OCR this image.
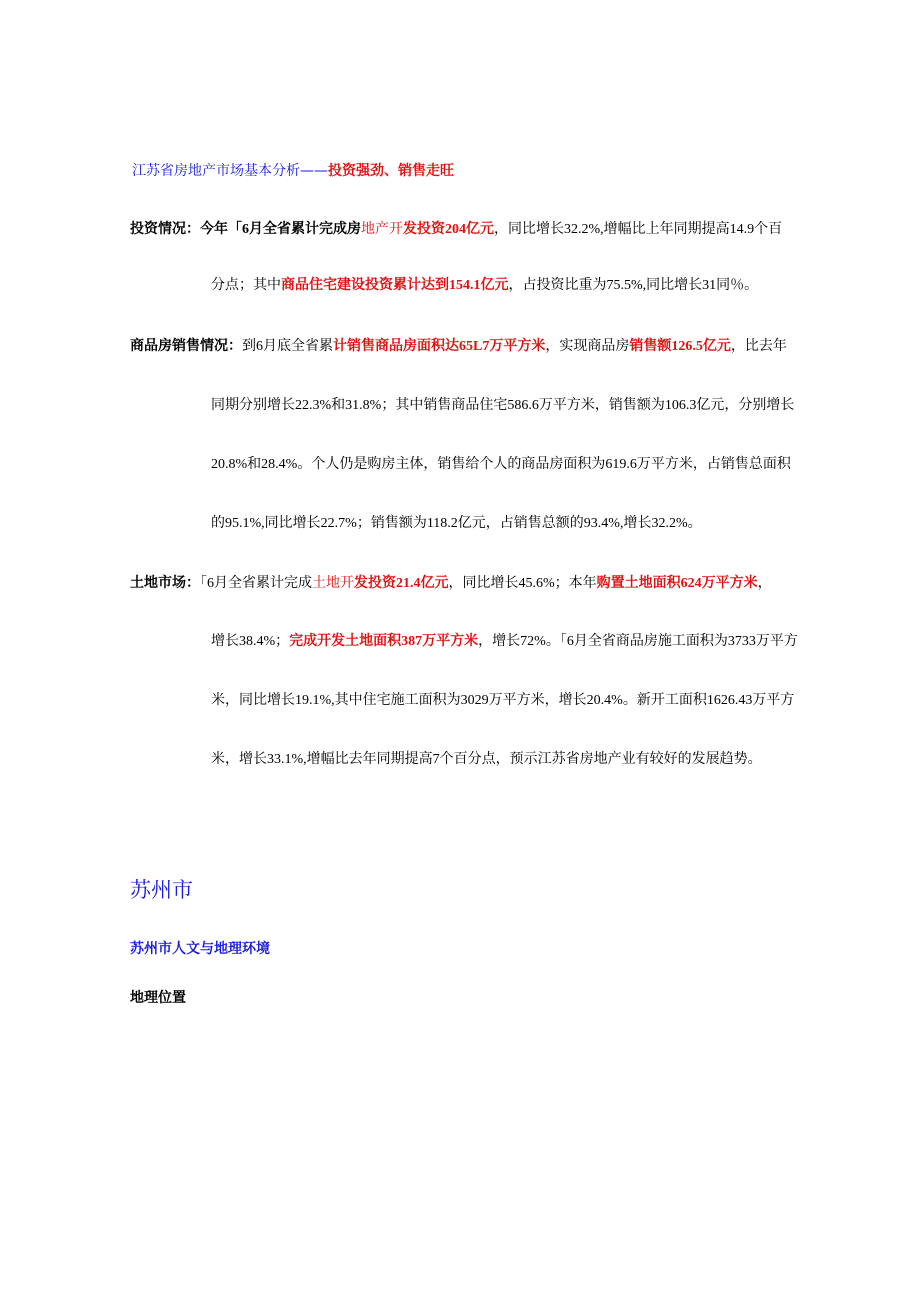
江苏省房地产市场基本分析——投资强劲、销售走旺
投资情况：今年「6月全省累计完成房地产开发投资204亿元，同比增长32.2%,增幅比上年同期提高14.9个百
分点；其中商品住宅建设投资累计达到154.1亿元，占投资比重为75.5%,同比增长31同％。
商品房销售情况：到6月底全省累计销售商品房面积达65L7万平方米，实现商品房销售额126.5亿元，比去年
同期分别增长22.3%和31.8%；其中销售商品住宅586.6万平方米，销售额为106.3亿元，分别增长
20.8%和28.4%。个人仍是购房主体，销售给个人的商品房面积为619.6万平方米，占销售总面积
的95.1%,同比增长22.7%；销售额为118.2亿元，占销售总额的93.4%,增长32.2%。
土地市场：「6月全省累计完成土地开发投资21.4亿元，同比增长45.6%；本年购置土地面积624万平方米，
增长38.4%；完成开发土地面积387万平方米，增长72%。「6月全省商品房施工面积为3733万平方
米，同比增长19.1%,其中住宅施工面积为3029万平方米，增长20.4%。新开工面积1626.43万平方
米，增长33.1%,增幅比去年同期提高7个百分点，预示江苏省房地产业有较好的发展趋势。
苏州市
苏州市人文与地理环境
地理位置
